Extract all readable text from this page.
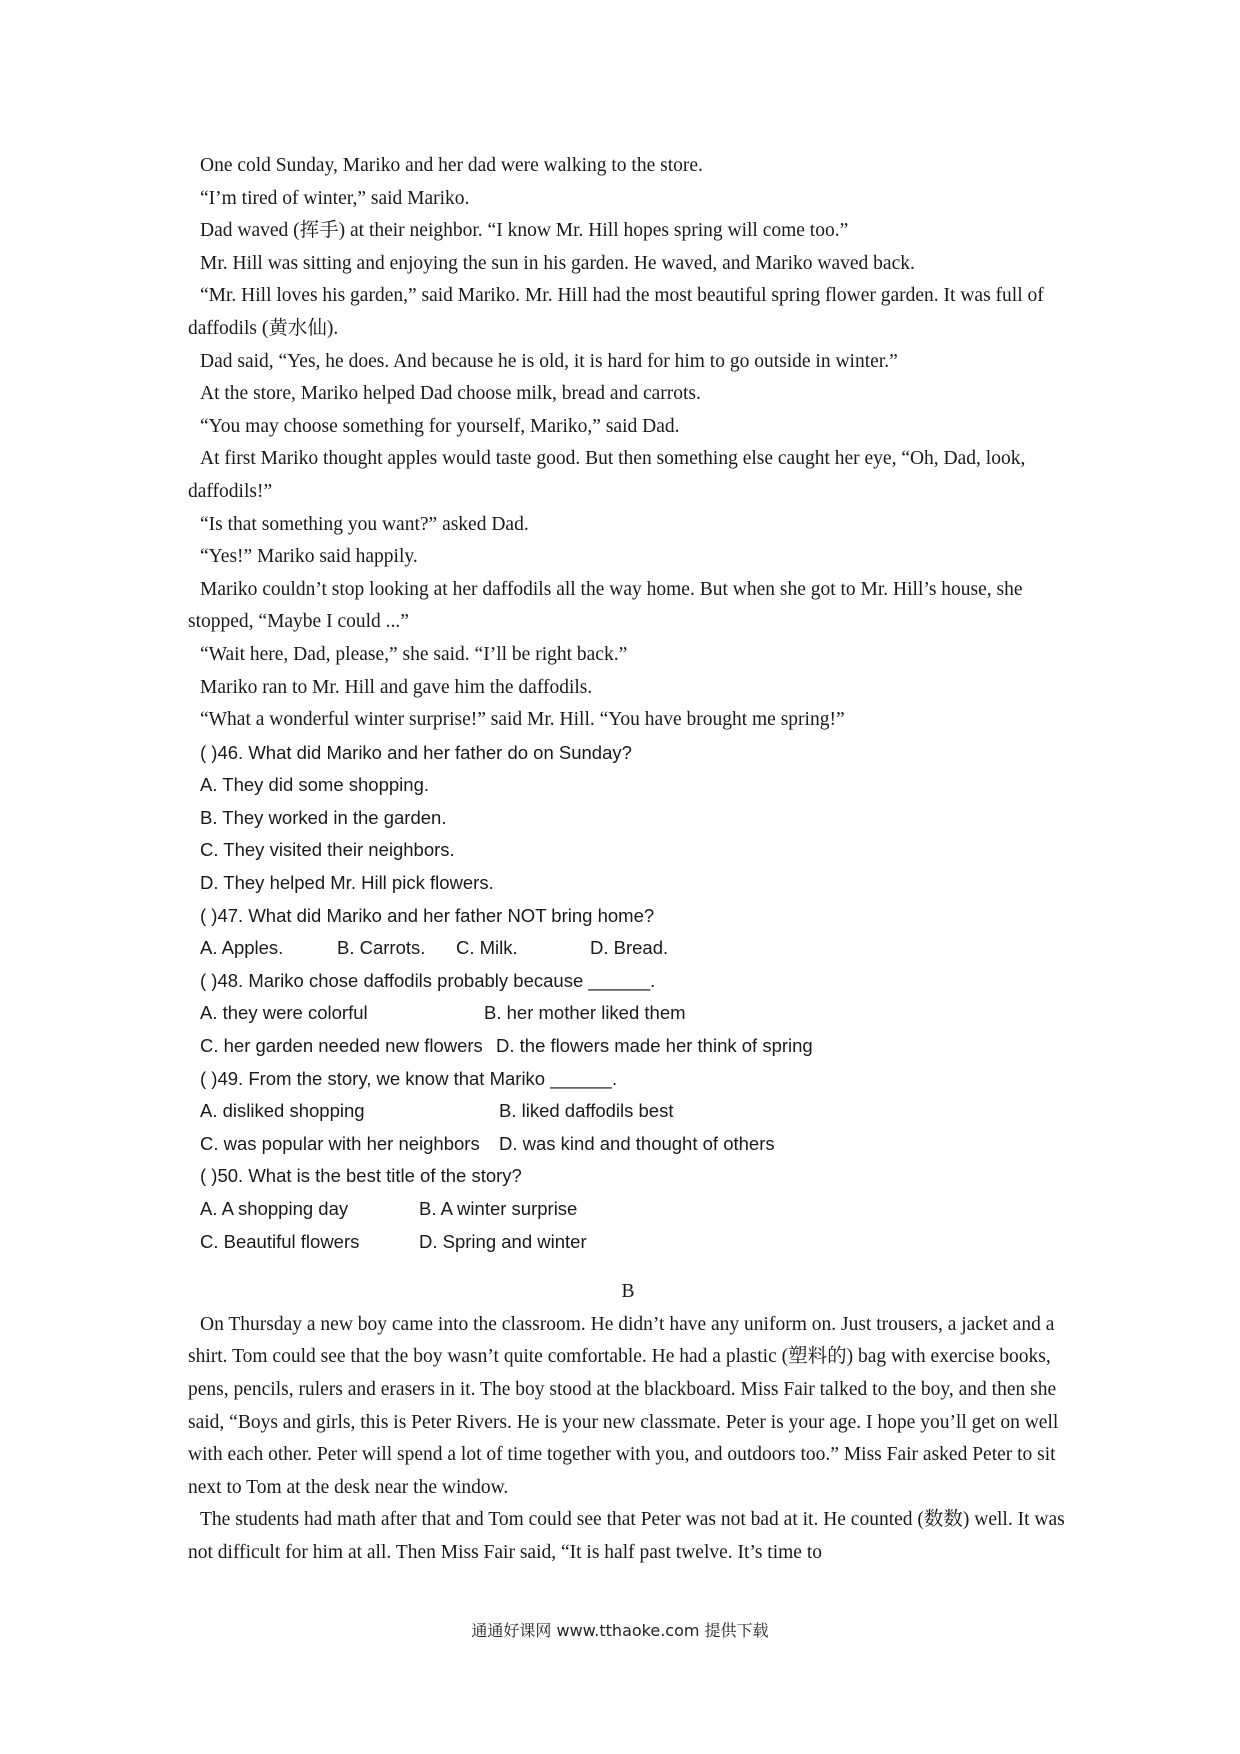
One cold Sunday, Mariko and her dad were walking to the store.

“I’m tired of winter,” said Mariko.

Dad waved (挥手) at their neighbor. “I know Mr. Hill hopes spring will come too.”

Mr. Hill was sitting and enjoying the sun in his garden. He waved, and Mariko waved back.

“Mr. Hill loves his garden,” said Mariko. Mr. Hill had the most beautiful spring flower garden. It was full of daffodils (黄水仙).

Dad said, “Yes, he does. And because he is old, it is hard for him to go outside in winter.”

At the store, Mariko helped Dad choose milk, bread and carrots.

“You may choose something for yourself, Mariko,” said Dad.

At first Mariko thought apples would taste good. But then something else caught her eye, “Oh, Dad, look, daffodils!”

“Is that something you want?” asked Dad.

“Yes!” Mariko said happily.

Mariko couldn’t stop looking at her daffodils all the way home. But when she got to Mr. Hill’s house, she stopped, “Maybe I could ...”

“Wait here, Dad, please,” she said. “I’ll be right back.”

Mariko ran to Mr. Hill and gave him the daffodils.

“What a wonderful winter surprise!” said Mr. Hill. “You have brought me spring!”

( )46. What did Mariko and her father do on Sunday?

A. They did some shopping.

B. They worked in the garden.

C. They visited their neighbors.

D. They helped Mr. Hill pick flowers.

( )47. What did Mariko and her father NOT bring home?

A. Apples.	B. Carrots.	C. Milk.	D. Bread.

( )48. Mariko chose daffodils probably because ______.

A. they were colorful	B. her mother liked them
C. her garden needed new flowers D. the flowers made her think of spring

( )49. From the story, we know that Mariko ______.

A. disliked shopping	B. liked daffodils best
C. was popular with her neighbors	D. was kind and thought of others

( )50. What is the best title of the story?

A. A shopping day	B. A winter surprise
C. Beautiful flowers	D. Spring and winter

B

On Thursday a new boy came into the classroom. He didn’t have any uniform on. Just trousers, a jacket and a shirt. Tom could see that the boy wasn’t quite comfortable. He had a plastic (塑料的) bag with exercise books, pens, pencils, rulers and erasers in it. The boy stood at the blackboard. Miss Fair talked to the boy, and then she said, “Boys and girls, this is Peter Rivers. He is your new classmate. Peter is your age. I hope you’ll get on well with each other. Peter will spend a lot of time together with you, and outdoors too.” Miss Fair asked Peter to sit next to Tom at the desk near the window.

The students had math after that and Tom could see that Peter was not bad at it. He counted (数数) well. It was not difficult for him at all. Then Miss Fair said, “It is half past twelve. It’s time to

通通好课网 www.tthaoke.com 提供下载
